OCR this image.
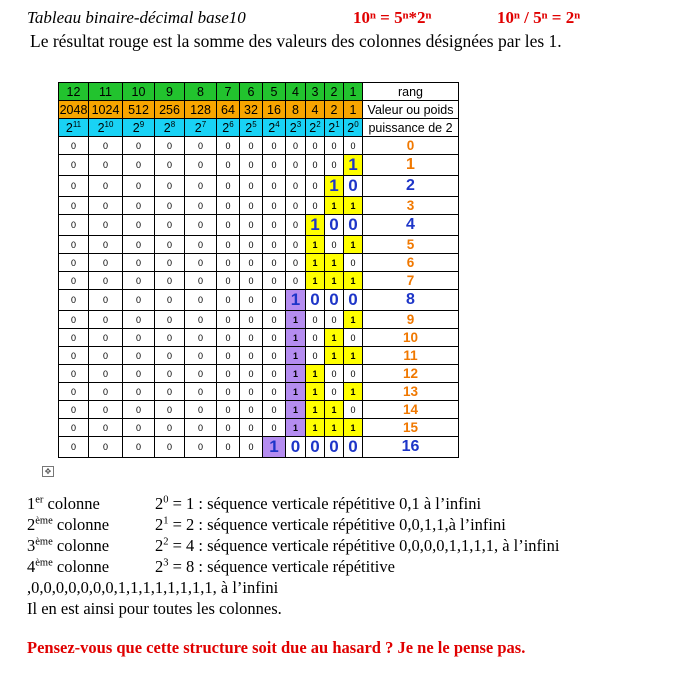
Tableau binaire-décimal base10	10ⁿ = 5ⁿ*2ⁿ	10ⁿ / 5ⁿ = 2ⁿ
Le résultat rouge est la somme des valeurs des colonnes désignées par les 1.
12	11	10	9	8	7	6	5	4	3	2	1	rang
2048	1024	512	256	128	64	32	16	8	4	2	1	Valeur ou poids
$2^{11}$	$2^{10}$	$2^9$	$2^8$	$2^7$	$2^6$	$2^5$	$2^4$	$2^3$	$2^2$	$2^1$	$2^0$	puissance de 2
0	0	0	0	0	0	0	0	0	0	0	0	0
0	0	0	0	0	0	0	0	0	0	0	1	1
0	0	0	0	0	0	0	0	0	0	1	0	2
0	0	0	0	0	0	0	0	0	0	1	1	3
0	0	0	0	0	0	0	0	0	1	0	0	4
0	0	0	0	0	0	0	0	0	1	0	1	5
0	0	0	0	0	0	0	0	0	1	1	0	6
0	0	0	0	0	0	0	0	0	1	1	1	7
0	0	0	0	0	0	0	0	1	0	0	0	8
0	0	0	0	0	0	0	0	1	0	0	1	9
0	0	0	0	0	0	0	0	1	0	1	0	10
0	0	0	0	0	0	0	0	1	0	1	1	11
0	0	0	0	0	0	0	0	1	1	0	0	12
0	0	0	0	0	0	0	0	1	1	0	1	13
0	0	0	0	0	0	0	0	1	1	1	0	14
0	0	0	0	0	0	0	0	1	1	1	1	15
0	0	0	0	0	0	0	1	0	0	0	0	16
✥
1er colonne	$2^0 = 1$ : séquence verticale répétitive 0,1 à l’infini
2ème colonne	$2^1 = 2$ : séquence verticale répétitive 0,0,1,1,à l’infini
3ème colonne	$2^2 = 4$ : séquence verticale répétitive 0,0,0,0,1,1,1,1, à l’infini
4ème colonne	$2^3 = 8$ : séquence verticale répétitive
,0,0,0,0,0,0,0,1,1,1,1,1,1,1,1, à l’infini
Il en est ainsi pour toutes les colonnes.
Pensez-vous que cette structure soit due au hasard ? Je ne le pense pas.
